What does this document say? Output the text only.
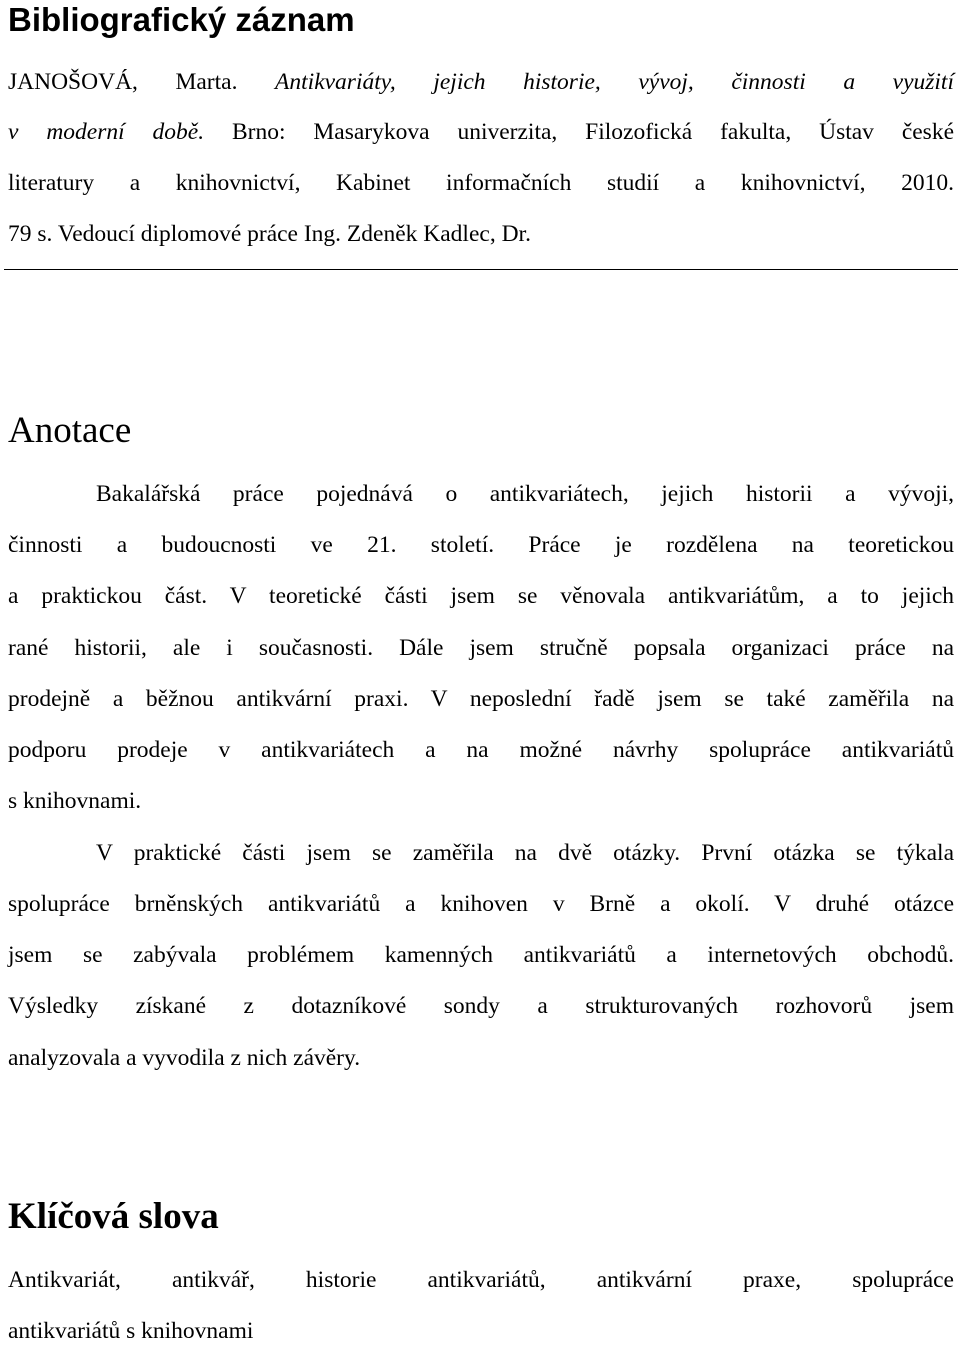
Bibliografický záznam

JANOŠOVÁ, Marta. Antikvariáty, jejich historie, vývoj, činnosti a využití

v moderní době. Brno: Masarykova univerzita, Filozofická fakulta, Ústav české

literatury a knihovnictví, Kabinet informačních studií a knihovnictví, 2010.

79 s. Vedoucí diplomové práce Ing. Zdeněk Kadlec, Dr.

Anotace

Bakalářská práce pojednává o antikvariátech, jejich historii a vývoji,

činnosti a budoucnosti ve 21. století. Práce je rozdělena na teoretickou

a praktickou část. V teoretické části jsem se věnovala antikvariátům, a to jejich

rané historii, ale i současnosti. Dále jsem stručně popsala organizaci práce na

prodejně a běžnou antikvární praxi. V neposlední řadě jsem se také zaměřila na

podporu prodeje v antikvariátech a na možné návrhy spolupráce antikvariátů

s knihovnami.

V praktické části jsem se zaměřila na dvě otázky. První otázka se týkala

spolupráce brněnských antikvariátů a knihoven v Brně a okolí. V druhé otázce

jsem se zabývala problémem kamenných antikvariátů a internetových obchodů.

Výsledky získané z dotazníkové sondy a strukturovaných rozhovorů jsem

analyzovala a vyvodila z nich závěry.

Klíčová slova

Antikvariát, antikvář, historie antikvariátů, antikvární praxe, spolupráce

antikvariátů s knihovnami
